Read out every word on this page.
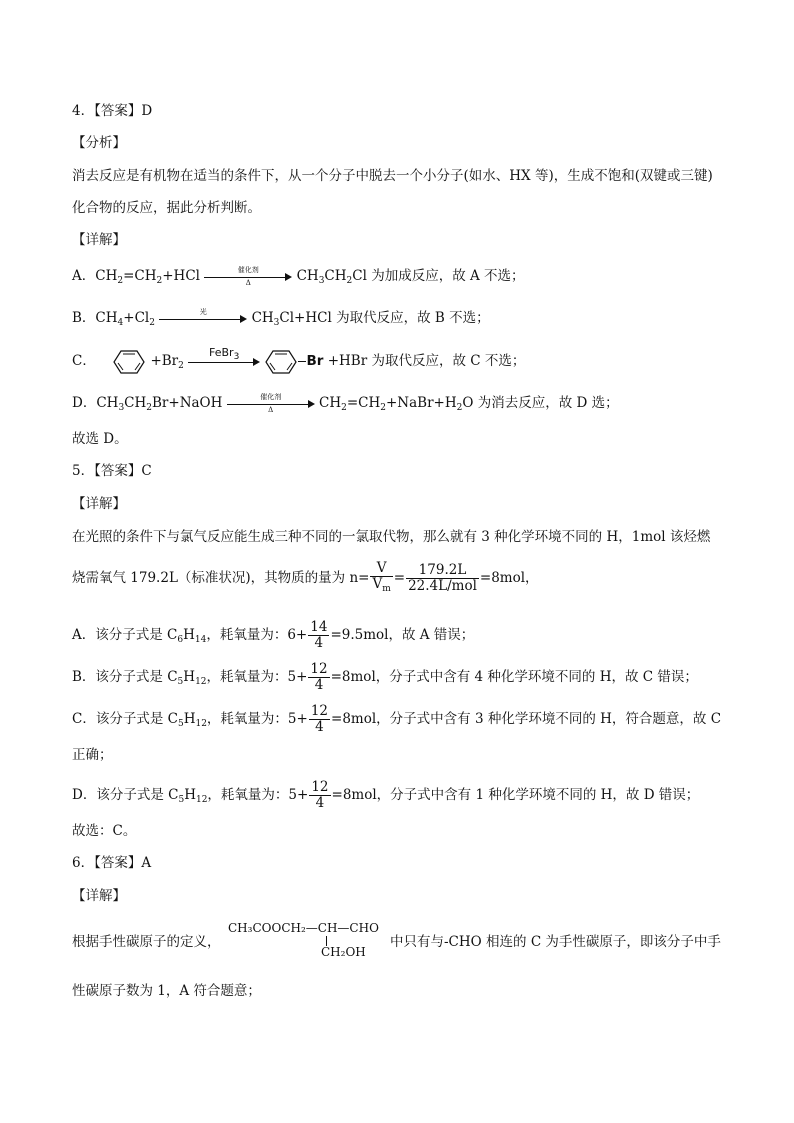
4．【答案】D
【分析】
消去反应是有机物在适当的条件下，从一个分子中脱去一个小分子(如水、HX 等)，生成不饱和(双键或三键)
化合物的反应，据此分析判断。
【详解】
A．$CH_2=CH_2+HCl$	催化剂
Δ	$CH_3CH_2Cl$ 为加成反应，故 A 不选；
B．$CH_4+Cl_2$
光	$CH_3Cl+HCl$ 为取代反应，故 B 不选；
C．	$+Br_2$
FeBr$_3$	Br +HBr 为取代反应，故 C 不选；
D．$CH_3CH_2Br+NaOH$	催化剂
Δ	$CH_2=CH_2+NaBr+H_2O$ 为消去反应，故 D 选；
故选 D。
5．【答案】C
【详解】
在光照的条件下与氯气反应能生成三种不同的一氯取代物，那么就有 3 种化学环境不同的 H，1mol 该烃燃
烧需氧气 179.2L（标准状况)，其物质的量为 $n= \frac{V}{V_m} = \frac{179.2L}{\text{22.4L/mol}} =8mol$，
A．该分子式是 $C_6H_{14}$，耗氧量为：$6+ \frac{14}{4} =9.5mol$，故 A 错误；
B．该分子式是 $C_5H_{12}$，耗氧量为：$5+ \frac{12}{4} =8mol$，分子式中含有 4 种化学环境不同的 H，故 C 错误；
C．该分子式是 $C_5H_{12}$，耗氧量为：$5+ \frac{12}{4} =8mol$，分子式中含有 3 种化学环境不同的 H，符合题意，故 C
正确；
D．该分子式是 $C_5H_{12}$，耗氧量为：$5+ \frac{12}{4} =8mol$，分子式中含有 1 种化学环境不同的 H，故 D 错误；
故选：C。
6．【答案】A
【详解】
根据手性碳原子的定义，
CH₃COOCH₂—CH—CHO
CH₂OH
中只有与-CHO 相连的 C 为手性碳原子，即该分子中手
性碳原子数为 1，A 符合题意；
